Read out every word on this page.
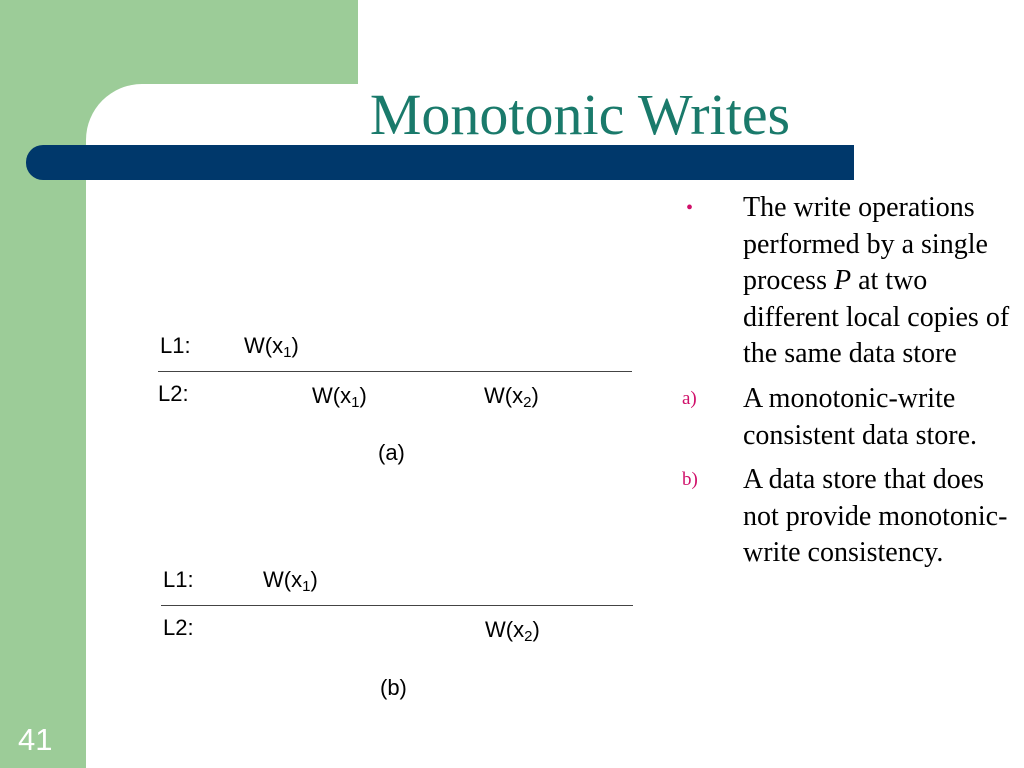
Monotonic Writes
41
L1: $W(x_1)$
L2:	$W(x_1)$	$W(x_2)$
(a)
L1:	$W(x_1)$
L2:	$W(x_2)$
(b)
•	The write operations performed by a single process P at two different local copies of the same data store
a)	A monotonic-write consistent data store.
b)	A data store that does not provide monotonic-write consistency.
